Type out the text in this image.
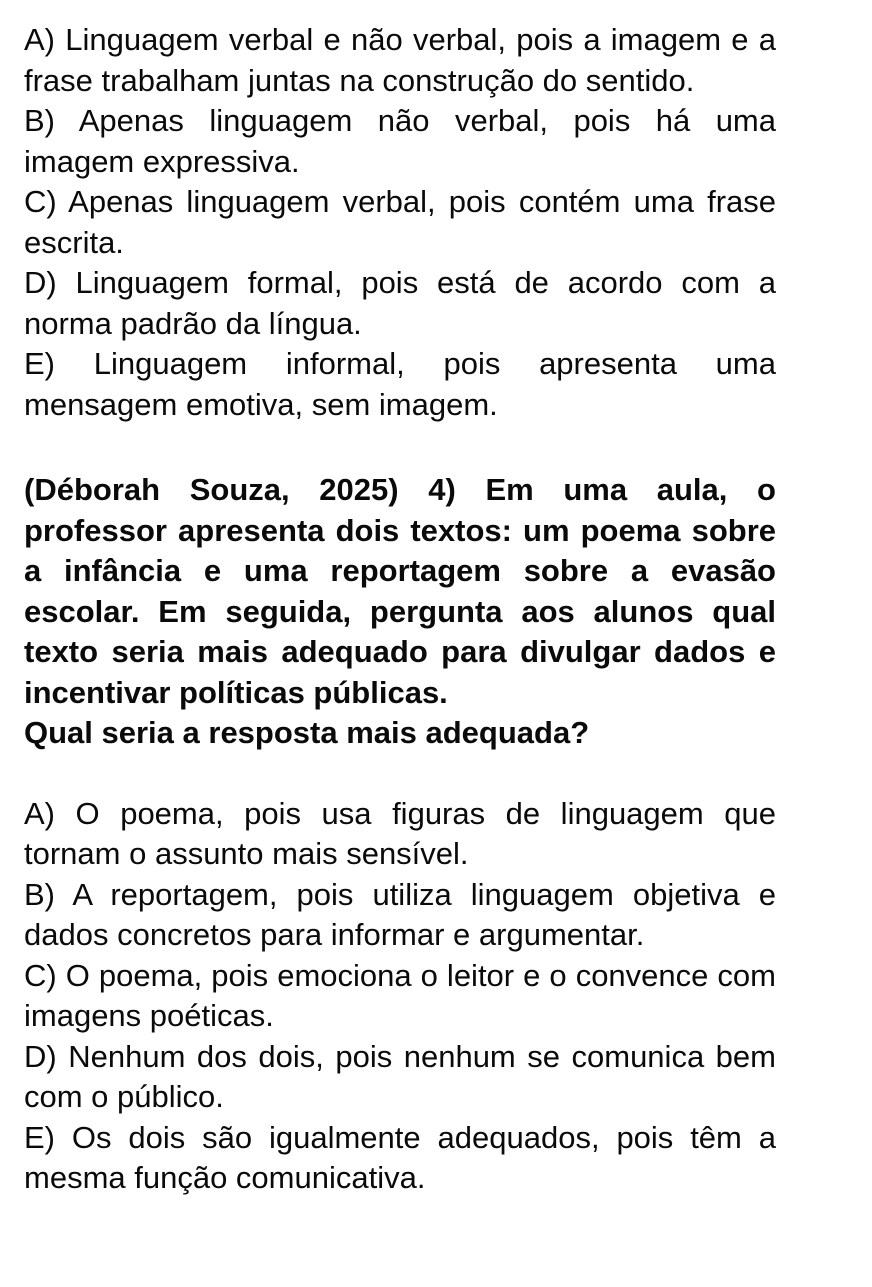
A) Linguagem verbal e não verbal, pois a imagem e a frase trabalham juntas na construção do sentido.

B) Apenas linguagem não verbal, pois há uma imagem expressiva.

C) Apenas linguagem verbal, pois contém uma frase escrita.

D) Linguagem formal, pois está de acordo com a norma padrão da língua.

E) Linguagem informal, pois apresenta uma mensagem emotiva, sem imagem.

(Déborah Souza, 2025) 4) Em uma aula, o professor apresenta dois textos: um poema sobre a infância e uma reportagem sobre a evasão escolar. Em seguida, pergunta aos alunos qual texto seria mais adequado para divulgar dados e incentivar políticas públicas.

Qual seria a resposta mais adequada?

A) O poema, pois usa figuras de linguagem que tornam o assunto mais sensível.

B) A reportagem, pois utiliza linguagem objetiva e dados concretos para informar e argumentar.

C) O poema, pois emociona o leitor e o convence com imagens poéticas.

D) Nenhum dos dois, pois nenhum se comunica bem com o público.

E) Os dois são igualmente adequados, pois têm a mesma função comunicativa.
